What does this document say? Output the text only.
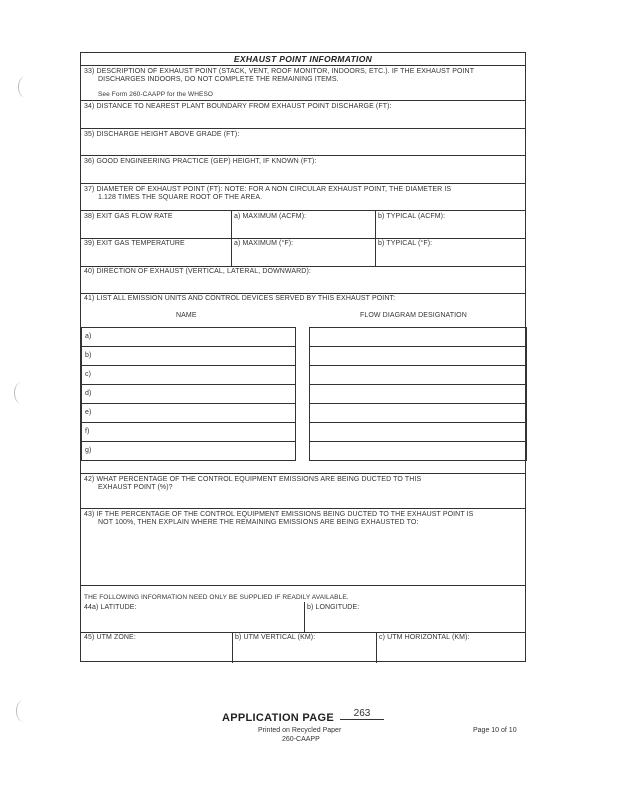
EXHAUST POINT INFORMATION
33) DESCRIPTION OF EXHAUST POINT (STACK, VENT, ROOF MONITOR, INDOORS, ETC.). IF THE EXHAUST POINT
DISCHARGES INDOORS, DO NOT COMPLETE THE REMAINING ITEMS.
See Form 260-CAAPP for the WHESO
34) DISTANCE TO NEAREST PLANT BOUNDARY FROM EXHAUST POINT DISCHARGE (FT):
35) DISCHARGE HEIGHT ABOVE GRADE (FT):
36) GOOD ENGINEERING PRACTICE (GEP) HEIGHT, IF KNOWN (FT):
37) DIAMETER OF EXHAUST POINT (FT): NOTE: FOR A NON CIRCULAR EXHAUST POINT, THE DIAMETER IS
1.128 TIMES THE SQUARE ROOT OF THE AREA.
38) EXIT GAS FLOW RATE	a) MAXIMUM (ACFM):	b) TYPICAL (ACFM):
39) EXIT GAS TEMPERATURE	a) MAXIMUM (°F):	b) TYPICAL (°F):
40) DIRECTION OF EXHAUST (VERTICAL, LATERAL, DOWNWARD):
41) LIST ALL EMISSION UNITS AND CONTROL DEVICES SERVED BY THIS EXHAUST POINT:
NAME	FLOW DIAGRAM DESIGNATION
a)
b)
c)
d)
e)
f)
g)
42) WHAT PERCENTAGE OF THE CONTROL EQUIPMENT EMISSIONS ARE BEING DUCTED TO THIS
EXHAUST POINT (%)?
43) IF THE PERCENTAGE OF THE CONTROL EQUIPMENT EMISSIONS BEING DUCTED TO THE EXHAUST POINT IS
NOT 100%, THEN EXPLAIN WHERE THE REMAINING EMISSIONS ARE BEING EXHAUSTED TO:
THE FOLLOWING INFORMATION NEED ONLY BE SUPPLIED IF READILY AVAILABLE.
44a) LATITUDE:	b) LONGITUDE:
45) UTM ZONE:	b) UTM VERTICAL (KM):	c) UTM HORIZONTAL (KM):
APPLICATION PAGE	263
Printed on Recycled Paper
260-CAAPP
Page 10 of 10
